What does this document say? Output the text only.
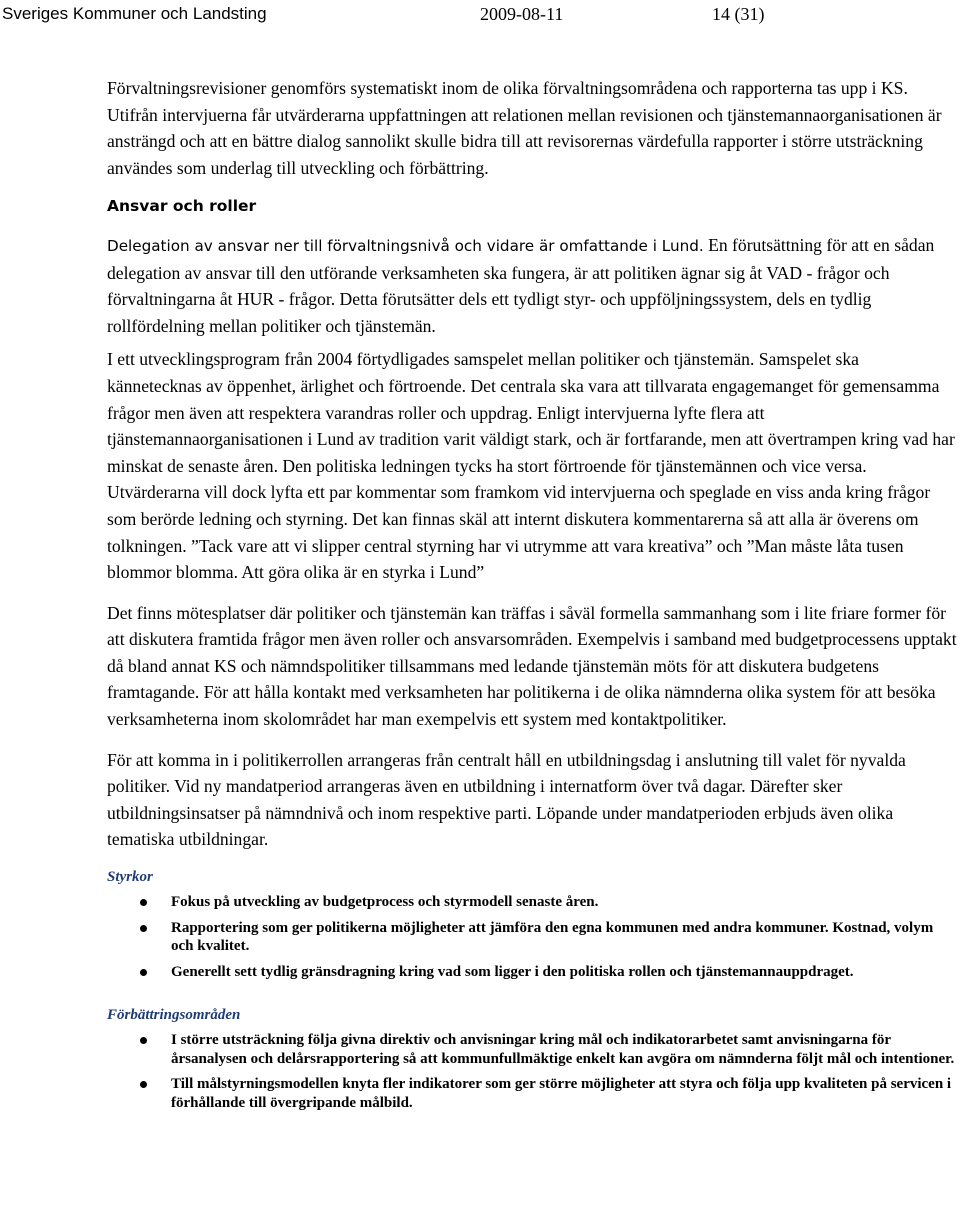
Sveriges Kommuner och Landsting	2009-08-11	14 (31)

Förvaltningsrevisioner genomförs systematiskt inom de olika förvaltningsområdena och rapporterna tas upp i KS. Utifrån intervjuerna får utvärderarna uppfattningen att relationen mellan revisionen och tjänstemannaorganisationen är ansträngd och att en bättre dialog sannolikt skulle bidra till att revisorernas värdefulla rapporter i större utsträckning användes som underlag till utveckling och förbättring.

Ansvar och roller

Delegation av ansvar ner till förvaltningsnivå och vidare är omfattande i Lund. En förutsättning för att en sådan delegation av ansvar till den utförande verksamheten ska fungera, är att politiken ägnar sig åt VAD - frågor och förvaltningarna åt HUR - frågor. Detta förutsätter dels ett tydligt styr- och uppföljningssystem, dels en tydlig rollfördelning mellan politiker och tjänstemän.

I ett utvecklingsprogram från 2004 förtydligades samspelet mellan politiker och tjänstemän. Samspelet ska kännetecknas av öppenhet, ärlighet och förtroende. Det centrala ska vara att tillvarata engagemanget för gemensamma frågor men även att respektera varandras roller och uppdrag. Enligt intervjuerna lyfte flera att tjänstemannaorganisationen i Lund av tradition varit väldigt stark, och är fortfarande, men att övertrampen kring vad har minskat de senaste åren. Den politiska ledningen tycks ha stort förtroende för tjänstemännen och vice versa. Utvärderarna vill dock lyfta ett par kommentar som framkom vid intervjuerna och speglade en viss anda kring frågor som berörde ledning och styrning. Det kan finnas skäl att internt diskutera kommentarerna så att alla är överens om tolkningen. ”Tack vare att vi slipper central styrning har vi utrymme att vara kreativa” och ”Man måste låta tusen blommor blomma. Att göra olika är en styrka i Lund”

Det finns mötesplatser där politiker och tjänstemän kan träffas i såväl formella sammanhang som i lite friare former för att diskutera framtida frågor men även roller och ansvarsområden. Exempelvis i samband med budgetprocessens upptakt då bland annat KS och nämndspolitiker tillsammans med ledande tjänstemän möts för att diskutera budgetens framtagande. För att hålla kontakt med verksamheten har politikerna i de olika nämnderna olika system för att besöka verksamheterna inom skolområdet har man exempelvis ett system med kontaktpolitiker.

För att komma in i politikerrollen arrangeras från centralt håll en utbildningsdag i anslutning till valet för nyvalda politiker. Vid ny mandatperiod arrangeras även en utbildning i internatform över två dagar. Därefter sker utbildningsinsatser på nämndnivå och inom respektive parti. Löpande under mandatperioden erbjuds även olika tematiska utbildningar.

Styrkor

Fokus på utveckling av budgetprocess och styrmodell senaste åren.
Rapportering som ger politikerna möjligheter att jämföra den egna kommunen med andra kommuner. Kostnad, volym och kvalitet.
Generellt sett tydlig gränsdragning kring vad som ligger i den politiska rollen och tjänstemannauppdraget.

Förbättringsområden

I större utsträckning följa givna direktiv och anvisningar kring mål och indikatorarbetet samt anvisningarna för årsanalysen och delårsrapportering så att kommunfullmäktige enkelt kan avgöra om nämnderna följt mål och intentioner.
Till målstyrningsmodellen knyta fler indikatorer som ger större möjligheter att styra och följa upp kvaliteten på servicen i förhållande till övergripande målbild.
